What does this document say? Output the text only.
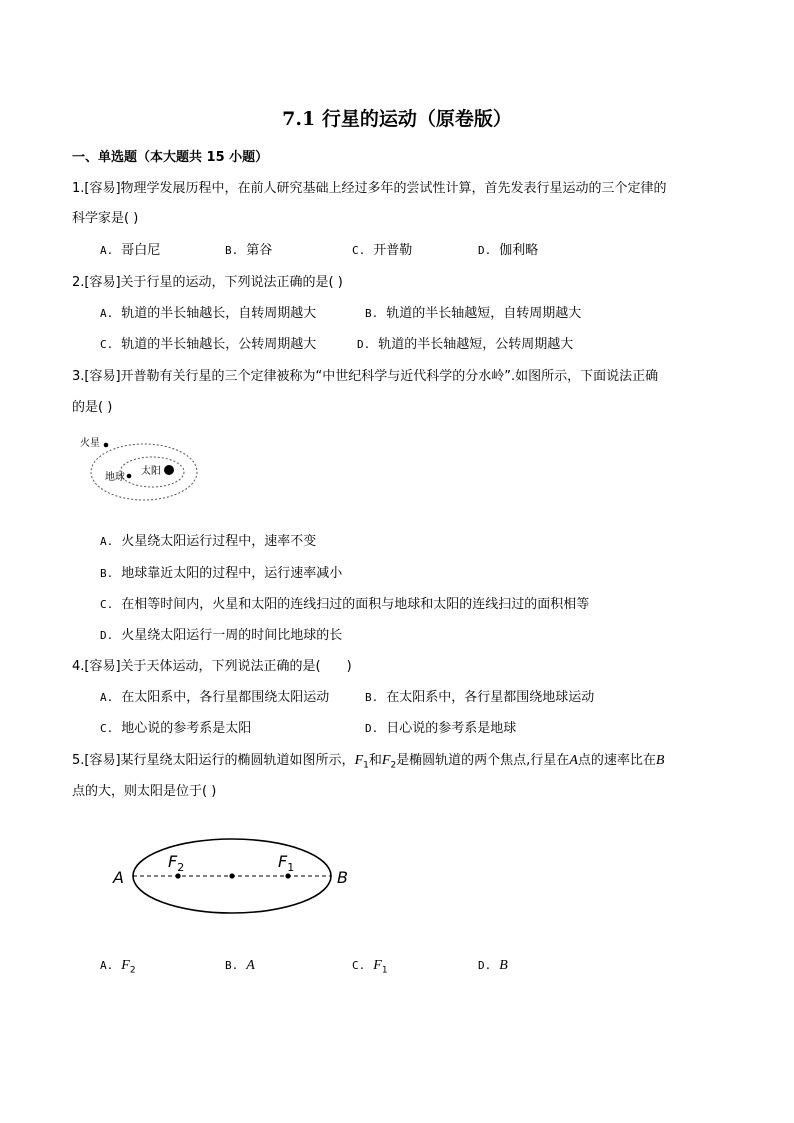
7.1 行星的运动（原卷版）
一、单选题（本大题共 15 小题）
1.[容易]物理学发展历程中，在前人研究基础上经过多年的尝试性计算，首先发表行星运动的三个定律的
科学家是( )
A. 哥白尼	B. 第谷	C. 开普勒	D. 伽利略
2.[容易]关于行星的运动，下列说法正确的是( )
A. 轨道的半长轴越长，自转周期越大	B. 轨道的半长轴越短，自转周期越大
C. 轨道的半长轴越长，公转周期越大	D. 轨道的半长轴越短，公转周期越大
3.[容易]开普勒有关行星的三个定律被称为“中世纪科学与近代科学的分水岭”.如图所示，下面说法正确
的是( )
火星
地球
太阳
A. 火星绕太阳运行过程中，速率不变
B. 地球靠近太阳的过程中，运行速率减小
C. 在相等时间内，火星和太阳的连线扫过的面积与地球和太阳的连线扫过的面积相等
D. 火星绕太阳运行一周的时间比地球的长
4.[容易]关于天体运动，下列说法正确的是(　　)
A. 在太阳系中，各行星都围绕太阳运动	B. 在太阳系中，各行星都围绕地球运动
C. 地心说的参考系是太阳	D. 日心说的参考系是地球
5.[容易]某行星绕太阳运行的椭圆轨道如图所示，$F_1$和$F_2$是椭圆轨道的两个焦点,行星在A点的速率比在B
点的大，则太阳是位于( )
A	B
$F_2$	$F_1$
A. $F_2$	B. A	C. $F_1$	D. B
